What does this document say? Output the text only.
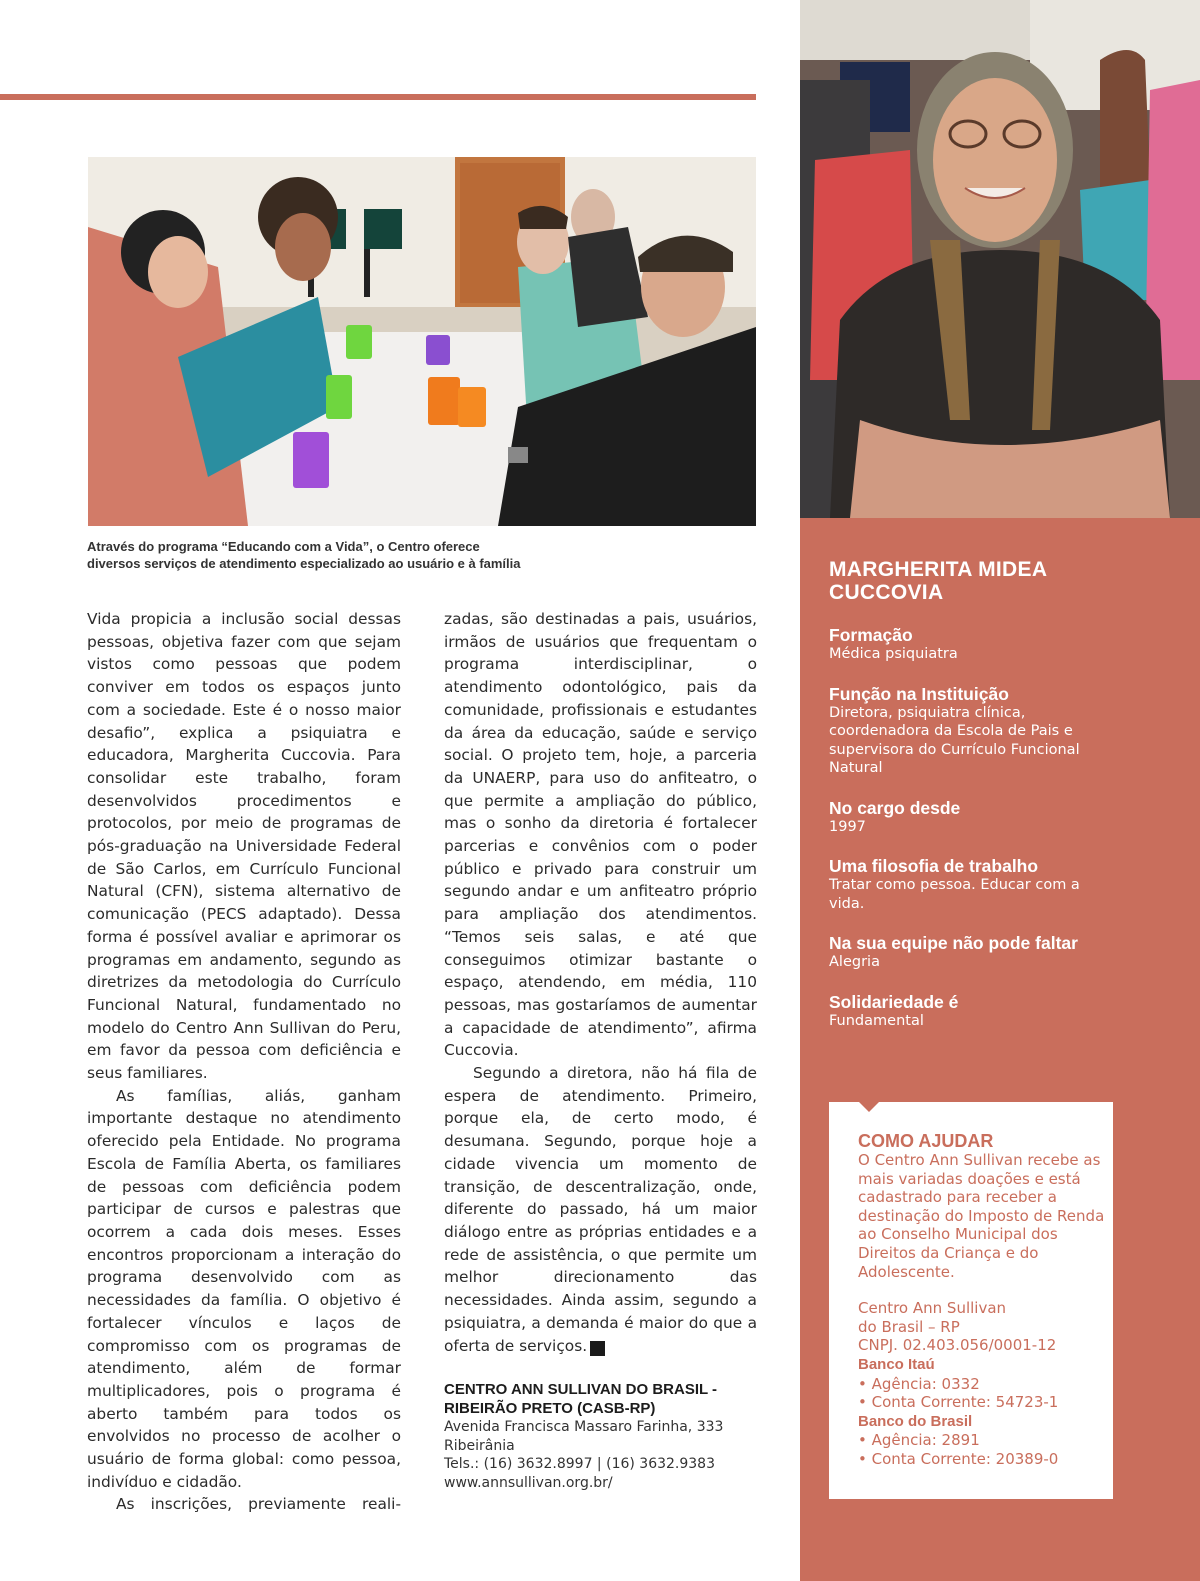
Através do programa “Educando com a Vida”, o Centro oferece
diversos serviços de atendimento especializado ao usuário e à família

Vida propicia a inclusão social dessas pessoas, objetiva fazer com que sejam vistos como pessoas que podem conviver em todos os espaços junto com a sociedade. Este é o nosso maior desafio”, explica a psiquiatra e educadora, Margherita Cuccovia. Para consolidar este trabalho, foram desenvolvidos procedimentos e protocolos, por meio de programas de pós-graduação na Universidade Federal de São Carlos, em Currículo Funcional Natural (CFN), sistema alternativo de comunicação (PECS adaptado). Dessa forma é possível avaliar e aprimorar os programas em andamento, segundo as diretrizes da metodologia do Currículo Funcional Natural, fundamentado no modelo do Centro Ann Sullivan do Peru, em favor da pessoa com deficiência e seus familiares.

As famílias, aliás, ganham importante destaque no atendimento oferecido pela Entidade. No programa Escola de Família Aberta, os familiares de pessoas com deficiência podem participar de cursos e palestras que ocorrem a cada dois meses. Esses encontros proporcionam a interação do programa desenvolvido com as necessidades da família. O objetivo é fortalecer vínculos e laços de compromisso com os programas de atendimento, além de formar multiplicadores, pois o programa é aberto também para todos os envolvidos no processo de acolher o usuário de forma global: como pessoa, indivíduo e cidadão.

As inscrições, previamente reali-

zadas, são destinadas a pais, usuários, irmãos de usuários que frequentam o programa interdisciplinar, o atendimento odontológico, pais da comunidade, profissionais e estudantes da área da educação, saúde e serviço social. O projeto tem, hoje, a parceria da UNAERP, para uso do anfiteatro, o que permite a ampliação do público, mas o sonho da diretoria é fortalecer parcerias e convênios com o poder público e privado para construir um segundo andar e um anfiteatro próprio para ampliação dos atendimentos. “Temos seis salas, e até que conseguimos otimizar bastante o espaço, atendendo, em média, 110 pessoas, mas gostaríamos de aumentar a capacidade de atendimento”, afirma Cuccovia.

Segundo a diretora, não há fila de espera de atendimento. Primeiro, porque ela, de certo modo, é desumana. Segundo, porque hoje a cidade vivencia um momento de transição, de descentralização, onde, diferente do passado, há um maior diálogo entre as próprias entidades e a rede de assistência, o que permite um melhor direcionamento das necessidades. Ainda assim, segundo a psiquiatra, a demanda é maior do que a oferta de serviços. r

CENTRO ANN SULLIVAN DO BRASIL -
RIBEIRÃO PRETO (CASB-RP)
Avenida Francisca Massaro Farinha, 333
Ribeirânia
Tels.: (16) 3632.8997 | (16) 3632.9383
www.annsullivan.org.br/
MARGHERITA MIDEA
CUCCOVIA
Formação
Médica psiquiatra
Função na Instituição
Diretora, psiquiatra clínica, coordenadora da Escola de Pais e supervisora do Currículo Funcional Natural
No cargo desde
1997
Uma filosofia de trabalho
Tratar como pessoa. Educar com a vida.
Na sua equipe não pode faltar
Alegria
Solidariedade é
Fundamental
COMO AJUDAR
O Centro Ann Sullivan recebe as mais variadas doações e está cadastrado para receber a destinação do Imposto de Renda ao Conselho Municipal dos Direitos da Criança e do Adolescente.
Centro Ann Sullivan
do Brasil – RP
CNPJ. 02.403.056/0001-12
Banco Itaú
• Agência: 0332
• Conta Corrente: 54723-1
Banco do Brasil
• Agência: 2891
• Conta Corrente: 20389-0
